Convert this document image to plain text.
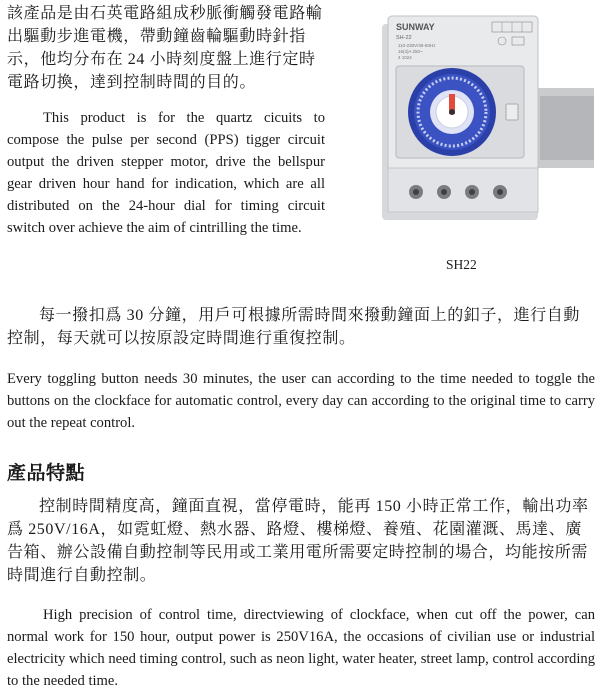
該產品是由石英電路組成秒脈衝觸發電路輸出驅動步進電機，帶動鐘齒輪驅動時針指示，他均分布在 24 小時刻度盤上進行定時電路切換，達到控制時間的目的。

This product is for the quartz cicuits to compose the pulse per second (PPS) tigger circuit output the driven stepper motor, drive the bellspur gear driven hour hand for indication, which are all distributed on the 24-hour dial for timing circuit switch over achieve the aim of cintrilling the time.

SUNWAY
SH-22
110-230V/48-60Hz
16(4)A 250~
4 1024
SH22

每一撥扣爲 30 分鐘，用戶可根據所需時間來撥動鐘面上的釦子，進行自動控制，每天就可以按原設定時間進行重復控制。

Every toggling button needs 30 minutes, the user can according to the time needed to toggle the buttons on the clockface for automatic control, every day can according to the original time to carry out the repeat control.

產品特點

控制時間精度高，鐘面直視，當停電時，能再 150 小時正常工作，輸出功率爲 250V/16A，如霓虹燈、熱水器、路燈、樓梯燈、養殖、花園灌溉、馬達、廣告箱、辦公設備自動控制等民用或工業用電所需要定時控制的場合，均能按所需時間進行自動控制。

High precision of control time, directviewing of clockface, when cut off the power, can normal work for 150 hour, output power is 250V16A, the occasions of civilian use or industrial electricity which need timing control, such as neon light, water heater, street lamp, control according to the needed time.
